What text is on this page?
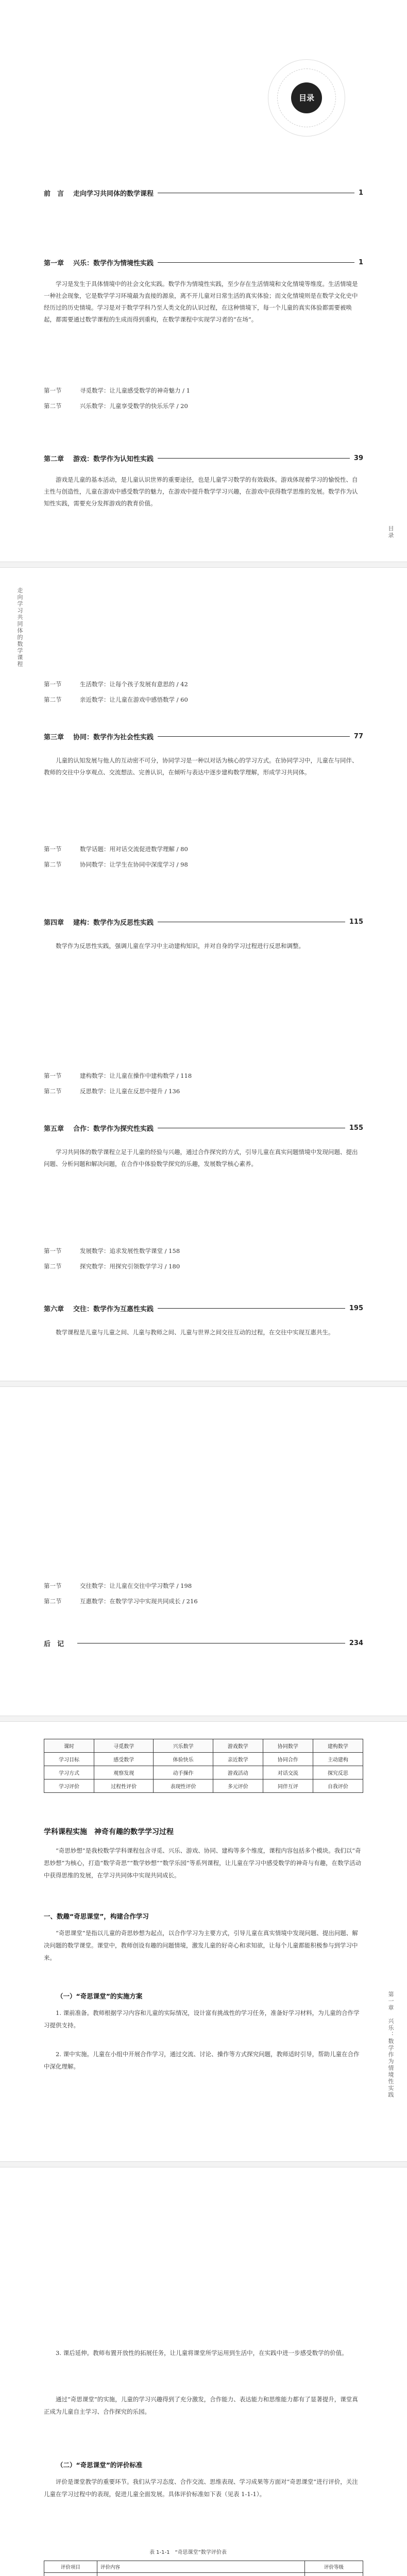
目录
前　言 走向学习共同体的数学课程	1
第一章 兴乐：数学作为情境性实践	1
学习是发生于具体情境中的社会文化实践。数学作为情境性实践，至少存在生活情境和文化情境等维度。生活情境是一种社会现象，它是数学学习环境最为直接的源泉，离不开儿童对日常生活的真实体验；而文化情境则是在数学文化史中经历过的历史情境。学习是对于数学学科乃至人类文化的认识过程，在这种情境下，每一个儿童的真实体验都需要被唤起，都需要通过数学课程的生成而得到重构，在数学课程中实现学习者的“在场”。
第一节	寻觅数学：让儿童感受数学的神奇魅力 / 1
第二节	兴乐数学：儿童享受数学的快乐乐学 / 20
第二章 游戏：数学作为认知性实践	39
游戏是儿童的基本活动，是儿童认识世界的重要途径，也是儿童学习数学的有效载体。游戏体现着学习的愉悦性、自主性与创造性，儿童在游戏中感受数学的魅力，在游戏中提升数学学习兴趣，在游戏中获得数学思维的发展。数学作为认知性实践，需要充分发挥游戏的教育价值。
目录
走向学习共同体的数学课程
第一节	生活数学：让每个孩子发展有意思的 / 42
第二节	亲近数学：让儿童在游戏中感悟数学 / 60
第三章 协同：数学作为社会性实践	77
儿童的认知发展与他人的互动密不可分，协同学习是一种以对话为核心的学习方式。在协同学习中，儿童在与同伴、教师的交往中分享观点、交流想法、完善认识，在倾听与表达中逐步建构数学理解，形成学习共同体。
第一节	数学话题：用对话交流促进数学理解 / 80
第二节	协同数学：让学生在协同中深度学习 / 98
第四章 建构：数学作为反思性实践	115
数学作为反思性实践，强调儿童在学习中主动建构知识，并对自身的学习过程进行反思和调整。
第一节	建构数学：让儿童在操作中建构数学 / 118
第二节	反思数学：让儿童在反思中提升 / 136
第五章 合作：数学作为探究性实践	155
学习共同体的数学课程立足于儿童的经验与兴趣，通过合作探究的方式，引导儿童在真实问题情境中发现问题、提出问题、分析问题和解决问题，在合作中体验数学探究的乐趣，发展数学核心素养。
第一节	发展数学：追求发展性数学课堂 / 158
第二节	探究数学：用探究引领数学学习 / 180
第六章 交往：数学作为互惠性实践	195
数学课程是儿童与儿童之间、儿童与教师之间、儿童与世界之间交往互动的过程，在交往中实现互惠共生。
第一节	交往数学：让儿童在交往中学习数学 / 198
第二节	互惠数学：在数学学习中实现共同成长 / 216
后　记	234
课时	寻觅数学	兴乐数学	游戏数学	协同数学	建构数学
学习目标	感受数学	体验快乐	亲近数学	协同合作	主动建构
学习方式	观察发现	动手操作	游戏活动	对话交流	探究反思
学习评价	过程性评价	表现性评价	多元评价	同伴互评	自我评价
学科课程实施　神奇有趣的数学学习过程
“奇思妙想”是我校数学学科课程包含寻觅、兴乐、游戏、协同、建构等多个维度，课程内容包括多个模块。我们以“奇思妙想”为核心，打造“数学奇思”“数学妙想”“数学乐园”等系列课程，让儿童在学习中感受数学的神奇与有趣，在数学活动中获得思维的发展，在学习共同体中实现共同成长。
一、数趣“奇思课堂”，构建合作学习
“奇思课堂”是指以儿童的奇思妙想为起点，以合作学习为主要方式，引导儿童在真实情境中发现问题、提出问题、解决问题的数学课堂。课堂中，教师创设有趣的问题情境，激发儿童的好奇心和求知欲，让每个儿童都能积极参与到学习中来。
（一）“奇思课堂”的实施方案
1. 课前准备。教师根据学习内容和儿童的实际情况，设计富有挑战性的学习任务，准备好学习材料，为儿童的合作学习提供支持。
2. 课中实施。儿童在小组中开展合作学习，通过交流、讨论、操作等方式探究问题，教师适时引导，帮助儿童在合作中深化理解。	第一章　兴乐：数学作为情境性实践
3. 课后延伸。教师布置开放性的拓展任务，让儿童将课堂所学运用到生活中，在实践中进一步感受数学的价值。
通过“奇思课堂”的实施，儿童的学习兴趣得到了充分激发，合作能力、表达能力和思维能力都有了显著提升，课堂真正成为儿童自主学习、合作探究的乐园。
（二）“奇思课堂”的评价标准
评价是课堂教学的重要环节。我们从学习态度、合作交流、思维表现、学习成果等方面对“奇思课堂”进行评价，关注儿童在学习过程中的表现，促进儿童全面发展。具体评价标准如下表（见表 1-1-1）。
表 1-1-1　“奇思课堂”数学评价表
评价项目	评价内容	评价等级
